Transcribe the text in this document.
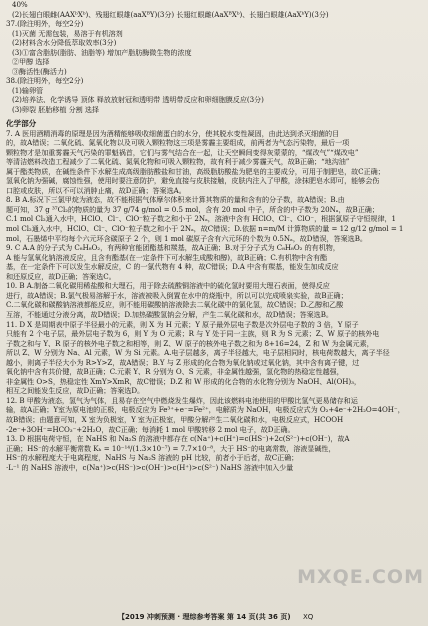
40%
(2)长翅白眼雌(AAXᵇXᵇ)、残翅红眼雄(aaXᴮY)(3分) 长翅红眼雌(AaXᴮXᵇ)、长翅白眼雄(AaXᵇY)(3分)
37.(除注明外，每空2分)
(1)灭菌 无需包装，易溶于有机溶剂
(2)材料含水分降低萃取效率(3分)
(3)①富含脂肪(脂肪、油脂等) 增加产脂肪酶微生物的浓度
②甲醇 选择
③酶活性(酶活力)
38.(除注明外，每空2分)
(1)输卵管
(2)培养法、化学诱导 顶体 释放放射冠和透明带 透明带反应和卵细胞膜反应(3分)
(3)卵裂 胚胎移植 分割 选择
化学部分
7. A 医用酒精消毒的原理是因为酒精能够吸收细菌蛋白的水分，使其脱水变性凝固，由此达到杀灭细菌的目
的，故A错误；二氧化硫、氮氧化物以及可吸入颗粒物这三项是雾霾主要组成，前两者为气态污染物，最后一项
颗粒物才是加重雾霾天气污染的罪魁祸首，它们与雾气结合在一起，让天空瞬间变得灰蒙蒙的，“煤改气”“煤改电”
等清洁燃料改造工程减少了二氧化硫、氮氧化物和可吸入颗粒物，故有利于减少雾霾天气，故B正确；“地沟油”
属于酯类物质，在碱性条件下水解生成高级脂肪酸盐和甘油，高级脂肪酸盐为肥皂的主要成分，可用于制肥皂，故C正确；
氢氧化钠为强碱，腐蚀性强，使用时要注意防护，避免直接与皮肤接触，皮肤内注入了甲酸，涂抹肥皂水即可，能够会伤
口腔或皮肤，所以不可以消肿止痛，故D正确；答案选A。
8. B A.标况下三氯甲烷为液态，故不能根据气体摩尔体积来计算其物质的量和含有的分子数，故A错误；B.由
题可知，37 g ³⁷Cl₂的物质的量为 37 g/74 g/mol = 0.5 mol，含有 20 mol 中子，所含的中子数为 20Nₐ，故B正确；
C.1 mol Cl₂通入水中，HClO、Cl⁻、ClO⁻粒子数之和小于 2Nₐ，溶液中含有 HClO、Cl⁻、ClO⁻，根据氯原子守恒规律，1
mol Cl₂通入水中，HClO、Cl⁻、ClO⁻粒子数之和小于 2Nₐ，故C错误；D.依据 n=m/M 计算物质的量 = 12 g/12 g/mol = 1
mol，石墨烯中平均每个六元环含碳原子 2 个，则 1 mol 碳原子含有六元环的个数为 0.5Nₐ，故D错误，答案选B。
9. C A.A 的分子式为 C₈H₈O₂，有两种官能团酯基和羰基，故A正确；B.对于分子式为 C₈H₈O₂ 的有机物，
A 能与氢氧化钠溶液反应，且含有酯基(在一定条件下可水解生成酸和醇)，故B正确；C.有机物中含有酯
基，在一定条件下可以发生水解反应，C 的一氯代物有 4 种，故C错误；D.A 中含有羰基，能发生加成反应
和还原反应，故D正确；答案选C。
10. B A.制备二氧化碳用稀盐酸和大理石，用于除去硫酸铜溶液中的硫化氢时要用大理石表面，使得反应
进行，故A错误；B.氯气极易溶解于水，溶液被吸入倒置在水中的烧瓶中，所以可以完成喷泉实验，故B正确；
C.二氧化碳和碳酸钠溶液都能反应，则不能用碳酸钠溶液除去二氧化碳中的氯化氢，故C错误；D.乙醇和乙酸
互溶，不能通过分液分离，故D错误；D.加热碳酸氢钠会分解，产生二氧化碳和水，故D错误；答案选B。
11. D X 是周期表中原子半径最小的元素，则 X 为 H 元素；Y 原子最外层电子数是次外层电子数的 3 倍，Y 原子
只能有 2 个电子层，最外层电子数为 6，则 Y 为 O 元素；R 与 Y 处于同一主族，则 R 为 S 元素；Z、W 原子的核外电
子数之和与 Y、R 原子的核外电子数之和相等，则 Z、W 原子的核外电子数之和为 8+16=24，Z 和 W 为金属元素，
所以 Z、W 分别为 Na、Al 元素，W 为 Si 元素。A.电子层越多，离子半径越大，电子层相同时，核电荷数越大，离子半径
越小，则离子半径大小为 R>Y>Z，故A错误；B.Y 与 Z 形成的化合物为氧化钠或过氧化钠，其中含有离子键，过
氧化钠中含有共价键，故B正确；C.元素 Y、R 分别为 O、S 元素，非金属性越强，氢化物的热稳定性越强，
非金属性 O>S，热稳定性 XmY>XmR，故C错误；D.Z 和 W 形成的化合物的水化物分别为 NaOH、Al(OH)₃，
相互之间能发生反应，故D正确；答案选D。
12. B 甲酸为液态，氢气为气体，且易存在空气中燃烧发生爆炸，因此该燃料电池使用的甲酸比氢气更易储存和运
输，故A正确；Y室为原电池的正极，电极反应为 Fe³⁺+e⁻=Fe²⁺，电解质为 NaOH，电极反应式为 O₂+4e⁻+2H₂O=4OH⁻，
故B错误；由题意可知，X 室为负极室，Y 室为正极室，甲酸分解产生二氧化碳和水，电极反应式，HCOOH
-2e⁻+3OH⁻=HCO₃⁻+2H₂O，故C正确；每消耗 1 mol 甲酸转移 2 mol 电子，故D正确。
13. D 根据电荷守恒，在 NaHS 和 Na₂S 的溶液中都存在 c(Na⁺)+c(H⁺)=c(HS⁻)+2c(S²⁻)+c(OH⁻)，故A
正确；HS⁻的水解平衡常数 Kₕ = 10⁻¹⁴/(1.3×10⁻⁷) = 7.7×10⁻⁸，大于 HS⁻的电离常数，溶液显碱性，
HS⁻的水解程度大于电离程度，NaHS 与 Na₂S 溶液的 pH 比较，前者小于后者，故C正确；
·L⁻¹ 的 NaHS 溶液中，c(Na⁺)>c(HS⁻)>c(OH⁻)>c(H⁺)>c(S²⁻) NaHS 溶液中加入少量
MXQE.COM
【2019 冲刺预测 · 理综参考答案 第 14 页(共 36 页) XQ
